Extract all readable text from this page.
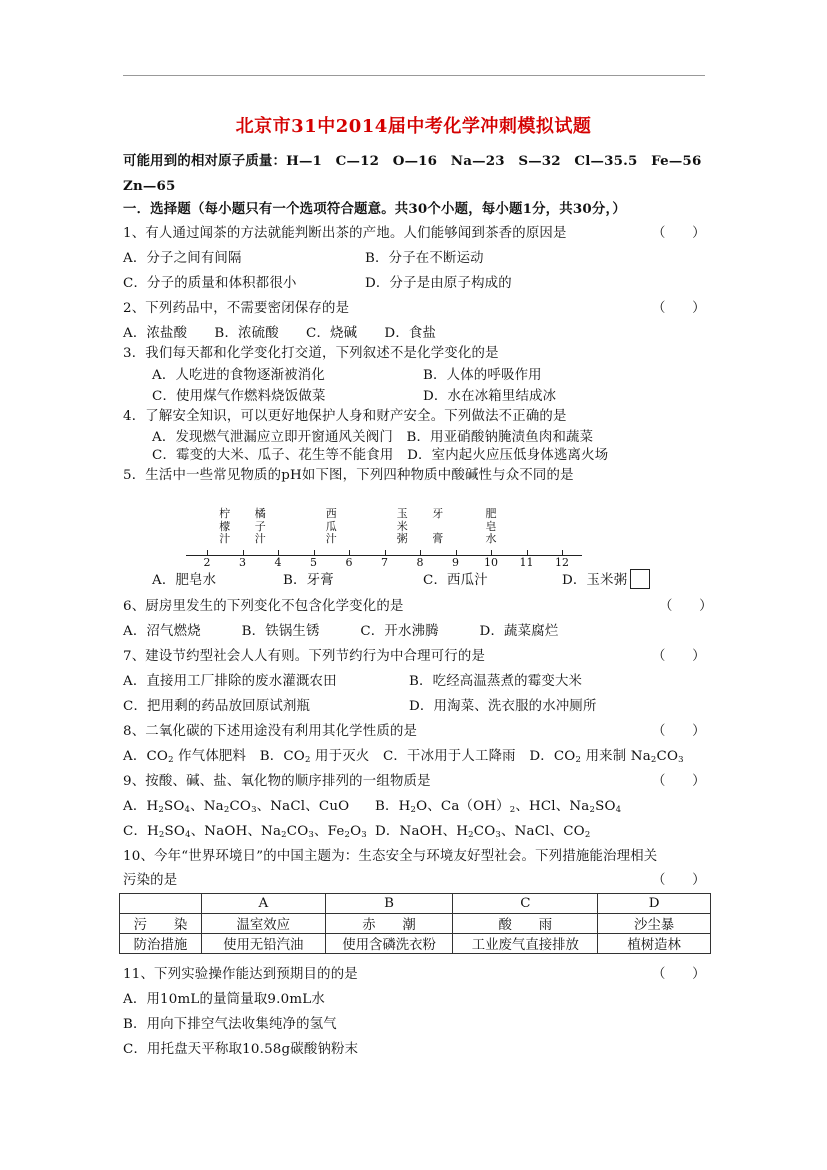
北京市31中2014届中考化学冲刺模拟试题
可能用到的相对原子质量：H—1　C—12　O—16　Na—23　S—32　Cl—35.5　Fe—56
Zn—65
一．选择题（每小题只有一个选项符合题意。共30个小题，每小题1分，共30分，）
1、有人通过闻茶的方法就能判断出茶的产地。人们能够闻到茶香的原因是	（　　）
A．分子之间有间隔	B．分子在不断运动
C．分子的质量和体积都很小	D．分子是由原子构成的
2、下列药品中，不需要密闭保存的是	（　　）
A．浓盐酸　　B．浓硫酸　　C．烧碱　　D．食盐
3．我们每天都和化学变化打交道，下列叙述不是化学变化的是
A．人吃进的食物逐渐被消化	B．人体的呼吸作用
C．使用煤气作燃料烧饭做菜	D．水在冰箱里结成冰
4．了解安全知识，可以更好地保护人身和财产安全。下列做法不正确的是
A．发现燃气泄漏应立即开窗通风关阀门　B．用亚硝酸钠腌渍鱼肉和蔬菜
C．霉变的大米、瓜子、花生等不能食用　D．室内起火应压低身体逃离火场
5．生活中一些常见物质的pH如下图，下列四种物质中酸碱性与众不同的是
2	3	4	5	6	7	8	9	10 11 12
柠
檬
汁
橘
子
汁
西
瓜
汁
玉
米
粥
牙
膏
肥
皂
水
A．肥皂水	B．牙膏	C．西瓜汁	D．玉米粥
6、厨房里发生的下列变化不包含化学变化的是	（　　）
A．沼气燃烧　　　B．铁锅生锈　　　C．开水沸腾　　　D．蔬菜腐烂
7、建设节约型社会人人有则。下列节约行为中合理可行的是	（　　）
A．直接用工厂排除的废水灌溉农田	B．吃经高温蒸煮的霉变大米
C．把用剩的药品放回原试剂瓶	D．用淘菜、洗衣服的水冲厕所
8、二氧化碳的下述用途没有利用其化学性质的是	（　　）
A．$CO_2$ 作气体肥料　B．$CO_2$ 用于灭火　C．干冰用于人工降雨　D．$CO_2$ 用来制 $Na_2CO_3$
9、按酸、碱、盐、氧化物的顺序排列的一组物质是	（　　）
A．$H_2SO_4$、$Na_2CO_3$、NaCl、CuO B．$H_2O$、$Ca(OH)_2$、HCl、$Na_2SO_4$
C．$H_2SO_4$、NaOH、$Na_2CO_3$、$Fe_2O_3$ D．NaOH、$H_2CO_3$、NaCl、$CO_2$
10、今年“世界环境日”的中国主题为：生态安全与环境友好型社会。下列措施能治理相关
污染的是	（　　）
	A	B	C	D
污　　染	温室效应	赤　　潮	酸　　雨	沙尘暴
防治措施	使用无铅汽油	使用含磷洗衣粉	工业废气直接排放	植树造林
11、下列实验操作能达到预期目的的是	（　　）
A．用10mL的量筒量取9.0mL水
B．用向下排空气法收集纯净的氢气
C．用托盘天平称取10.58g碳酸钠粉末
